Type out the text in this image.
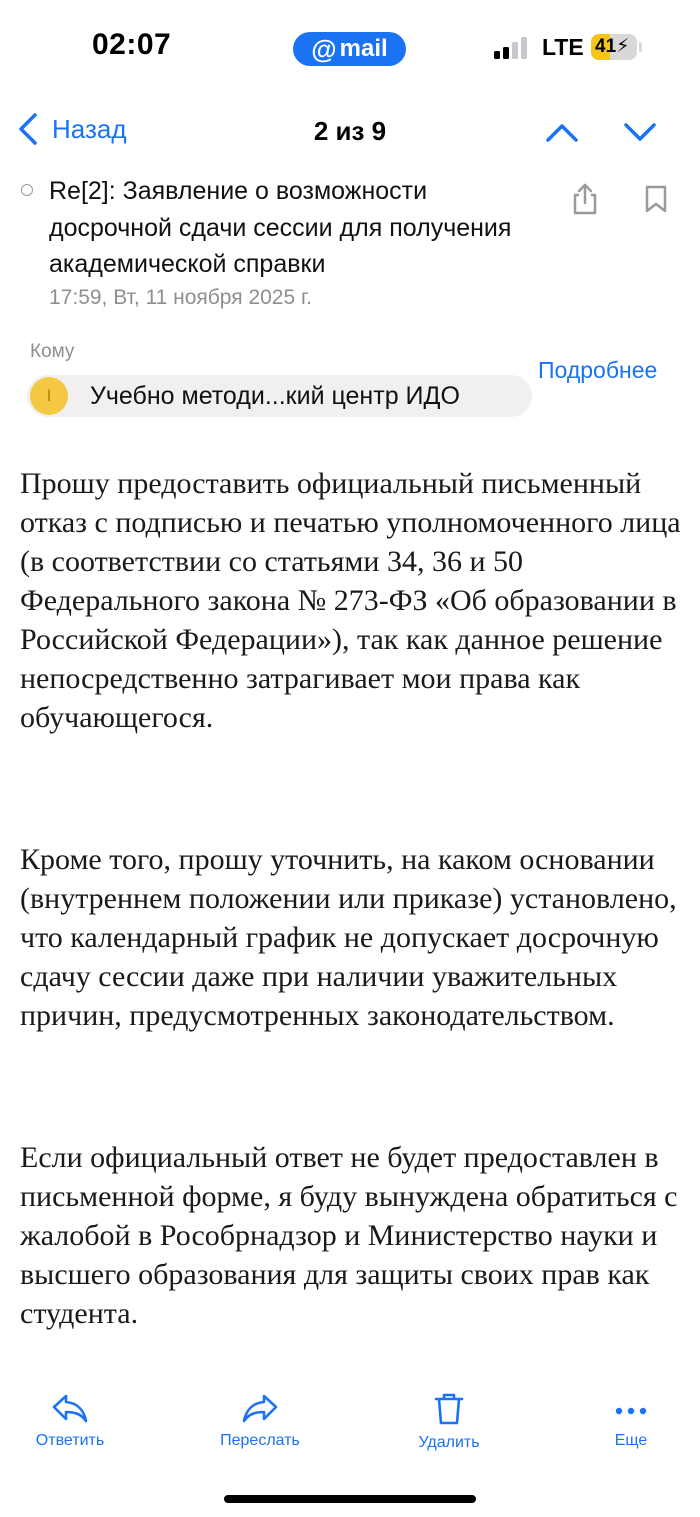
02:07	@ mail	LTE 41⚡
Назад	2 из 9
Re[2]: Заявление о возможности досрочной сдачи сессии для получения академической справки
17:59, Вт, 11 ноября 2025 г.
Кому
Подробнее
I	Учебно методи...кий центр ИДО

Прошу предоставить официальный письменный отказ с подписью и печатью уполномоченного лица (в соответствии со статьями 34, 36 и 50 Федерального закона № 273-ФЗ «Об образовании в Российской Федерации»), так как данное решение непосредственно затрагивает мои права как обучающегося.

Кроме того, прошу уточнить, на каком основании (внутреннем положении или приказе) установлено, что календарный график не допускает досрочную сдачу сессии даже при наличии уважительных причин, предусмотренных законодательством.

Если официальный ответ не будет предоставлен в письменной форме, я буду вынуждена обратиться с жалобой в Рособрнадзор и Министерство науки и высшего образования для защиты своих прав как студента.

Ответить	Переслать	Удалить	Еще
